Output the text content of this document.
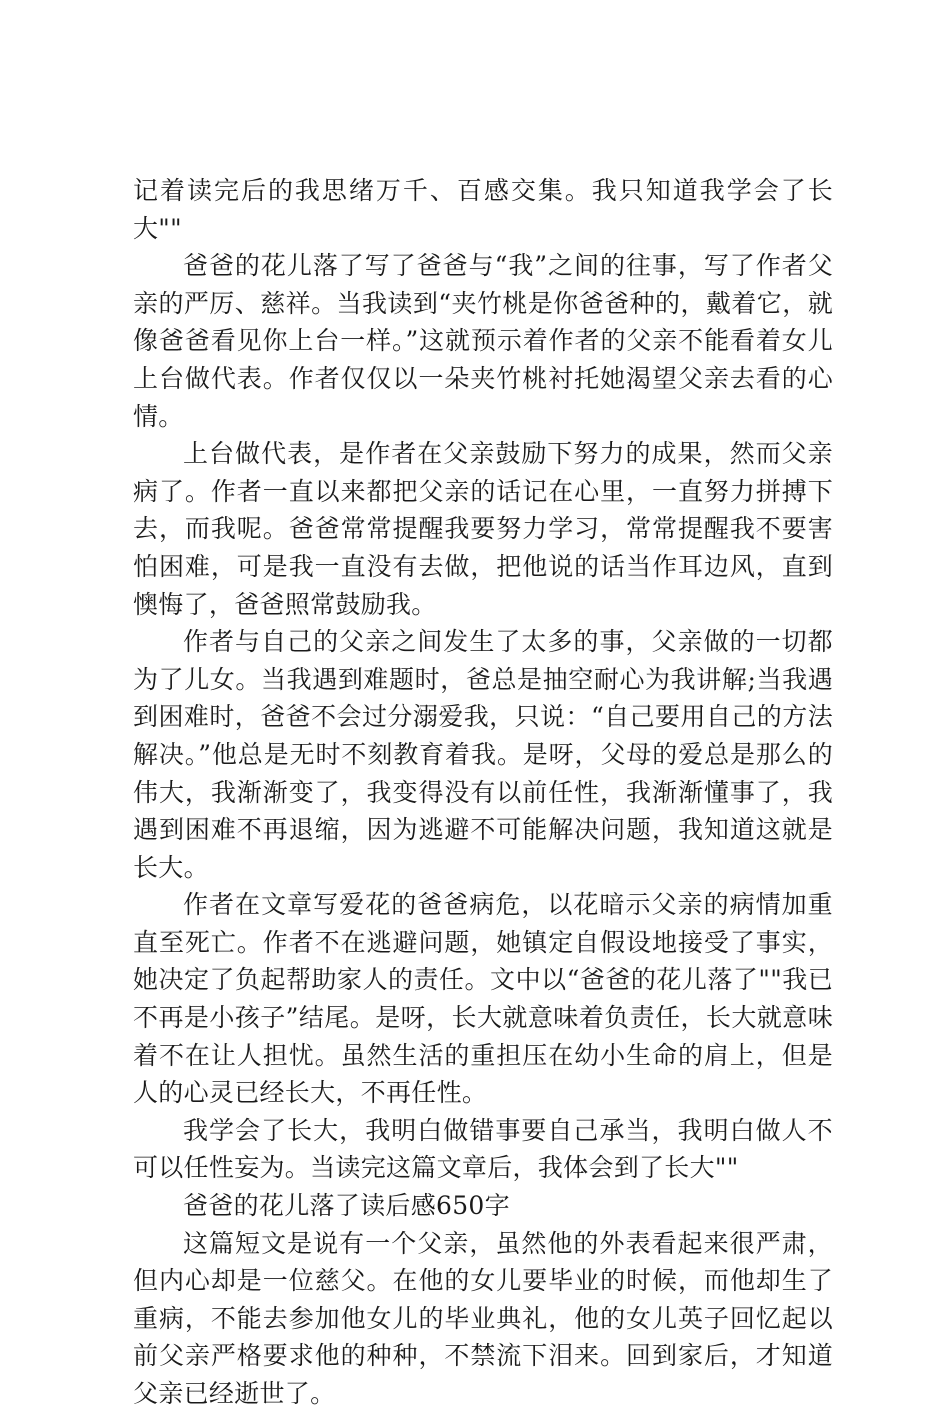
记着读完后的我思绪万千、百感交集。我只知道我学会了长大""

爸爸的花儿落了写了爸爸与“我”之间的往事，写了作者父亲的严厉、慈祥。当我读到“夹竹桃是你爸爸种的，戴着它，就像爸爸看见你上台一样。”这就预示着作者的父亲不能看着女儿上台做代表。作者仅仅以一朵夹竹桃衬托她渴望父亲去看的心情。

上台做代表，是作者在父亲鼓励下努力的成果，然而父亲病了。作者一直以来都把父亲的话记在心里，一直努力拼搏下去，而我呢。爸爸常常提醒我要努力学习，常常提醒我不要害怕困难，可是我一直没有去做，把他说的话当作耳边风，直到懊悔了，爸爸照常鼓励我。

作者与自己的父亲之间发生了太多的事，父亲做的一切都为了儿女。当我遇到难题时，爸总是抽空耐心为我讲解;当我遇到困难时，爸爸不会过分溺爱我，只说：“自己要用自己的方法解决。”他总是无时不刻教育着我。是呀，父母的爱总是那么的伟大，我渐渐变了，我变得没有以前任性，我渐渐懂事了，我遇到困难不再退缩，因为逃避不可能解决问题，我知道这就是长大。

作者在文章写爱花的爸爸病危，以花暗示父亲的病情加重直至死亡。作者不在逃避问题，她镇定自假设地接受了事实，她决定了负起帮助家人的责任。文中以“爸爸的花儿落了""我已不再是小孩子”结尾。是呀，长大就意味着负责任，长大就意味着不在让人担忧。虽然生活的重担压在幼小生命的肩上，但是人的心灵已经长大，不再任性。

我学会了长大，我明白做错事要自己承当，我明白做人不可以任性妄为。当读完这篇文章后，我体会到了长大""

爸爸的花儿落了读后感650字

这篇短文是说有一个父亲，虽然他的外表看起来很严肃，但内心却是一位慈父。在他的女儿要毕业的时候，而他却生了重病，不能去参加他女儿的毕业典礼，他的女儿英子回忆起以前父亲严格要求他的种种，不禁流下泪来。回到家后，才知道父亲已经逝世了。
